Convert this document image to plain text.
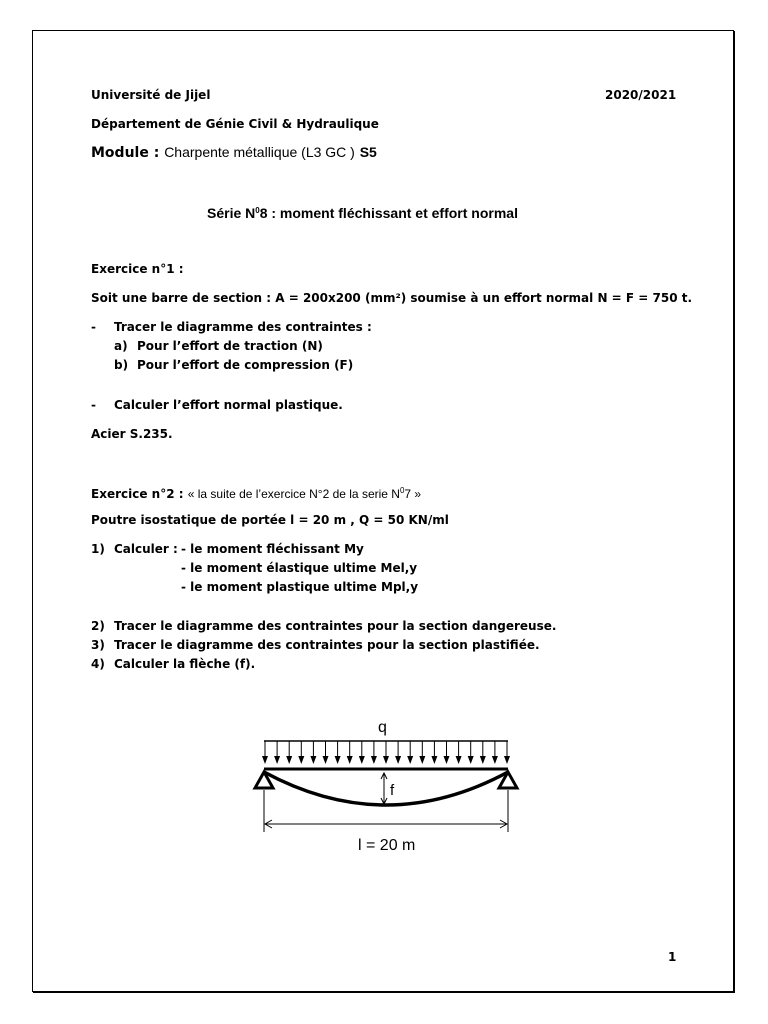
Université de Jijel	2020/2021
Département de Génie Civil & Hydraulique
Module : Charpente métallique (L3 GC ) S5
Série $N^08$ : moment fléchissant et effort normal
Exercice n°1 :
Soit une barre de section : A = 200x200 (mm²) soumise à un effort normal N = F = 750 t.
- Tracer le diagramme des contraintes :
a) Pour l’effort de traction (N)
b) Pour l’effort de compression (F)
- Calculer l’effort normal plastique.
Acier S.235.
Exercice n°2 : « la suite de l’exercice N°2 de la serie $N^07$ »
Poutre isostatique de portée l = 20 m , Q = 50 KN/ml
1) Calculer : - le moment fléchissant My
- le moment élastique ultime Mel,y
- le moment plastique ultime Mpl,y
2) Tracer le diagramme des contraintes pour la section dangereuse.
3) Tracer le diagramme des contraintes pour la section plastifiée.
4) Calculer la flèche (f).
q
f
l = 20 m
1
